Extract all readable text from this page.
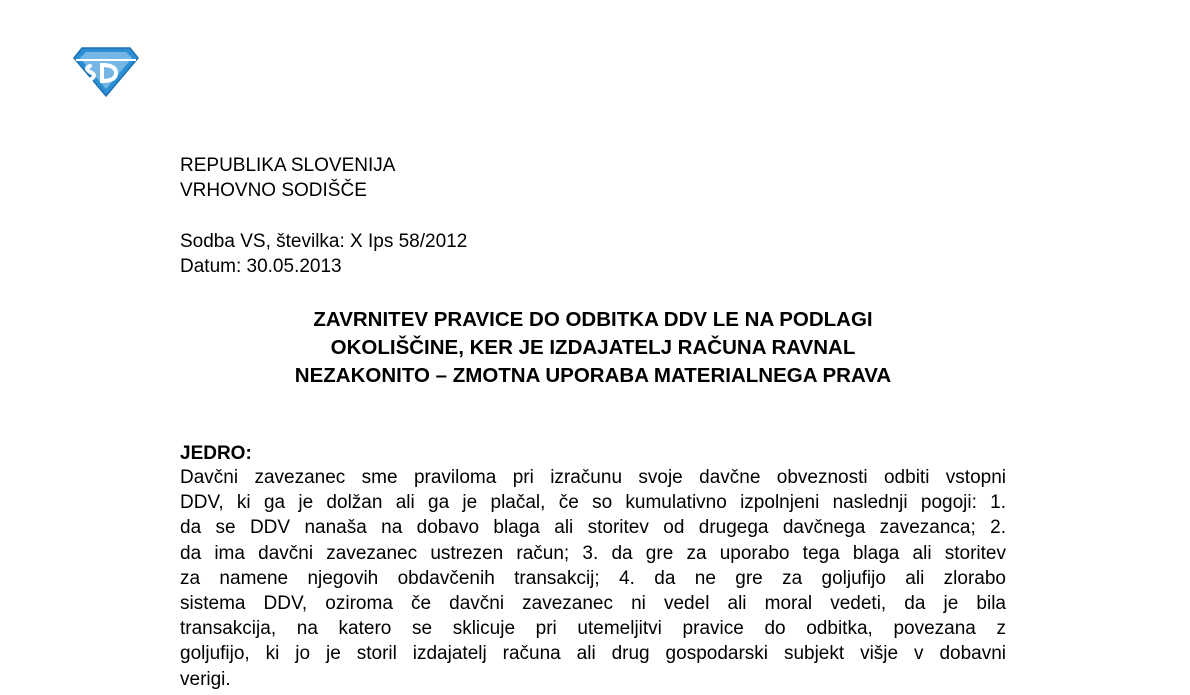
REPUBLIKA SLOVENIJA
VRHOVNO SODIŠČE
Sodba VS, številka: X Ips 58/2012
Datum: 30.05.2013
ZAVRNITEV PRAVICE DO ODBITKA DDV LE NA PODLAGI
OKOLIŠČINE, KER JE IZDAJATELJ RAČUNA RAVNAL
NEZAKONITO – ZMOTNA UPORABA MATERIALNEGA PRAVA
JEDRO:
Davčni zavezanec sme praviloma pri izračunu svoje davčne obveznosti odbiti vstopni
DDV, ki ga je dolžan ali ga je plačal, če so kumulativno izpolnjeni naslednji pogoji: 1.
da se DDV nanaša na dobavo blaga ali storitev od drugega davčnega zavezanca; 2.
da ima davčni zavezanec ustrezen račun; 3. da gre za uporabo tega blaga ali storitev
za namene njegovih obdavčenih transakcij; 4. da ne gre za goljufijo ali zlorabo
sistema DDV, oziroma če davčni zavezanec ni vedel ali moral vedeti, da je bila
transakcija, na katero se sklicuje pri utemeljitvi pravice do odbitka, povezana z
goljufijo, ki jo je storil izdajatelj računa ali drug gospodarski subjekt višje v dobavni
verigi.
